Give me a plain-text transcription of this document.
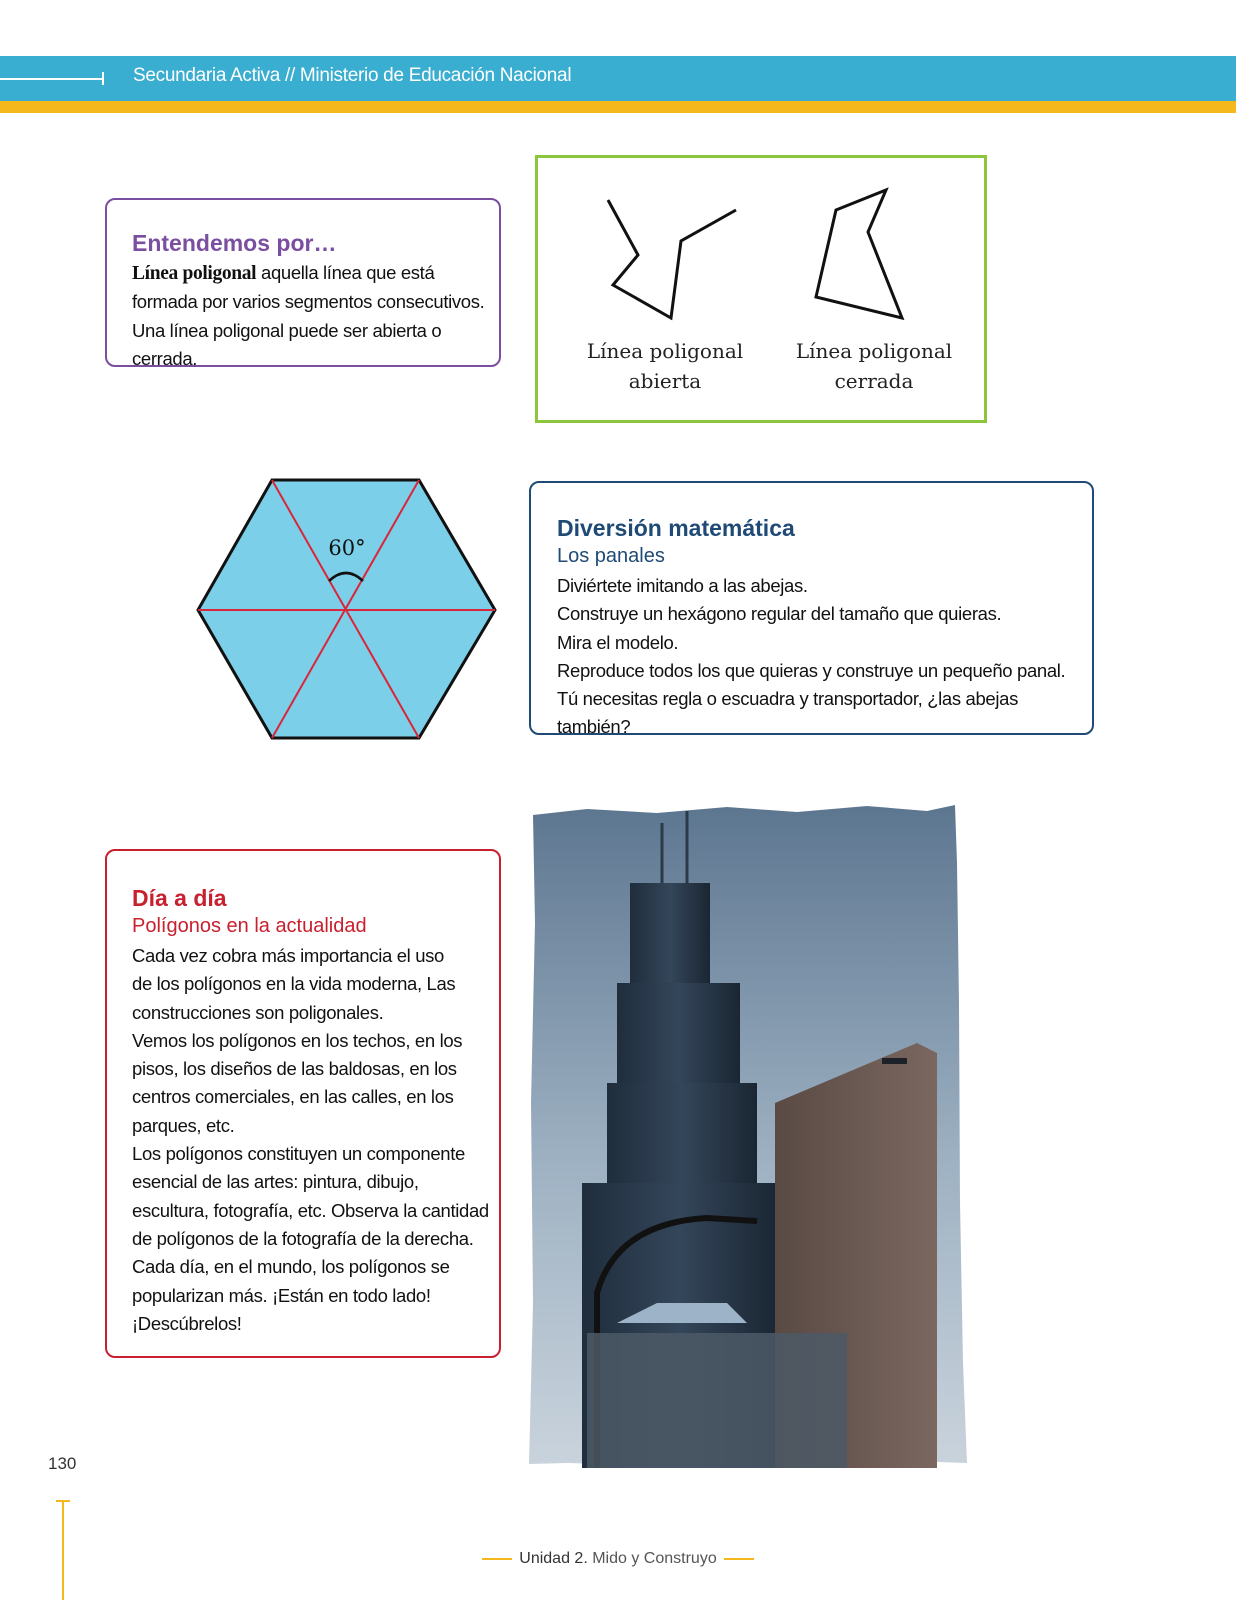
Secundaria Activa // Ministerio de Educación Nacional
Entendemos por…

Línea poligonal aquella línea que está

formada por varios segmentos consecutivos.

Una línea poligonal puede ser abierta o cerrada.	Línea poligonal
abierta
Línea poligonal
cerrada
60°
Diversión matemática
Los panales

Diviértete imitando a las abejas.

Construye un hexágono regular del tamaño que quieras.

Mira el modelo.

Reproduce todos los que quieras y construye un pequeño panal.

Tú necesitas regla o escuadra y transportador, ¿las abejas también?

Día a día
Polígonos en la actualidad

Cada vez cobra más importancia el uso

de los polígonos en la vida moderna, Las

construcciones son poligonales.

Vemos los polígonos en los techos, en los

pisos, los diseños de las baldosas, en los

centros comerciales, en las calles, en los

parques, etc.

Los polígonos constituyen un componente

esencial de las artes: pintura, dibujo,

escultura, fotografía, etc. Observa la cantidad

de polígonos de la fotografía de la derecha.

Cada día, en el mundo, los polígonos se

popularizan más. ¡Están en todo lado!

¡Descúbrelos!

130
Unidad 2. Mido y Construyo
